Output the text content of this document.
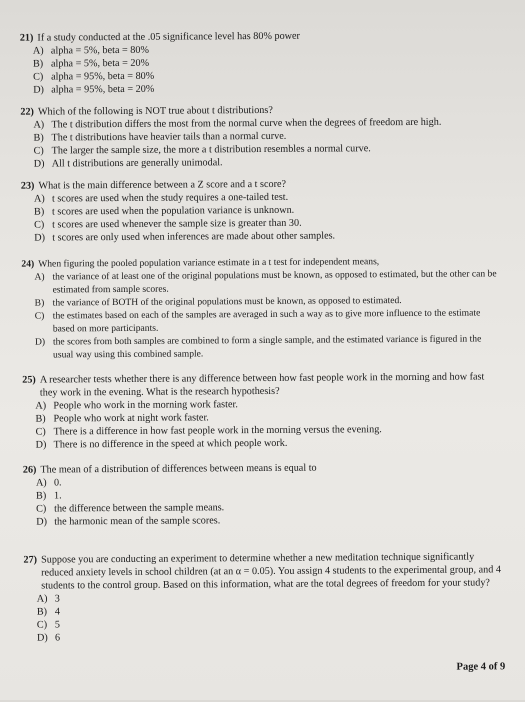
21) If a study conducted at the .05 significance level has 80% power
A) alpha = 5%, beta = 80%
B) alpha = 5%, beta = 20%
C) alpha = 95%, beta = 80%
D) alpha = 95%, beta = 20%
22) Which of the following is NOT true about t distributions?
A) The t distribution differs the most from the normal curve when the degrees of freedom are high.
B) The t distributions have heavier tails than a normal curve.
C) The larger the sample size, the more a t distribution resembles a normal curve.
D) All t distributions are generally unimodal.
23) What is the main difference between a Z score and a t score?
A) t scores are used when the study requires a one-tailed test.
B) t scores are used when the population variance is unknown.
C) t scores are used whenever the sample size is greater than 30.
D) t scores are only used when inferences are made about other samples.
24) When figuring the pooled population variance estimate in a t test for independent means,
A) the variance of at least one of the original populations must be known, as opposed to estimated, but the other can be estimated from sample scores.
B) the variance of BOTH of the original populations must be known, as opposed to estimated.
C) the estimates based on each of the samples are averaged in such a way as to give more influence to the estimate based on more participants.
D) the scores from both samples are combined to form a single sample, and the estimated variance is figured in the usual way using this combined sample.
25) A researcher tests whether there is any difference between how fast people work in the morning and how fast they work in the evening. What is the research hypothesis?
A) People who work in the morning work faster.
B) People who work at night work faster.
C) There is a difference in how fast people work in the morning versus the evening.
D) There is no difference in the speed at which people work.
26) The mean of a distribution of differences between means is equal to
A) 0.
B) 1.
C) the difference between the sample means.
D) the harmonic mean of the sample scores.
27) Suppose you are conducting an experiment to determine whether a new meditation technique significantly reduced anxiety levels in school children (at an α = 0.05). You assign 4 students to the experimental group, and 4 students to the control group. Based on this information, what are the total degrees of freedom for your study?
A) 3
B) 4
C) 5
D) 6
Page 4 of 9
